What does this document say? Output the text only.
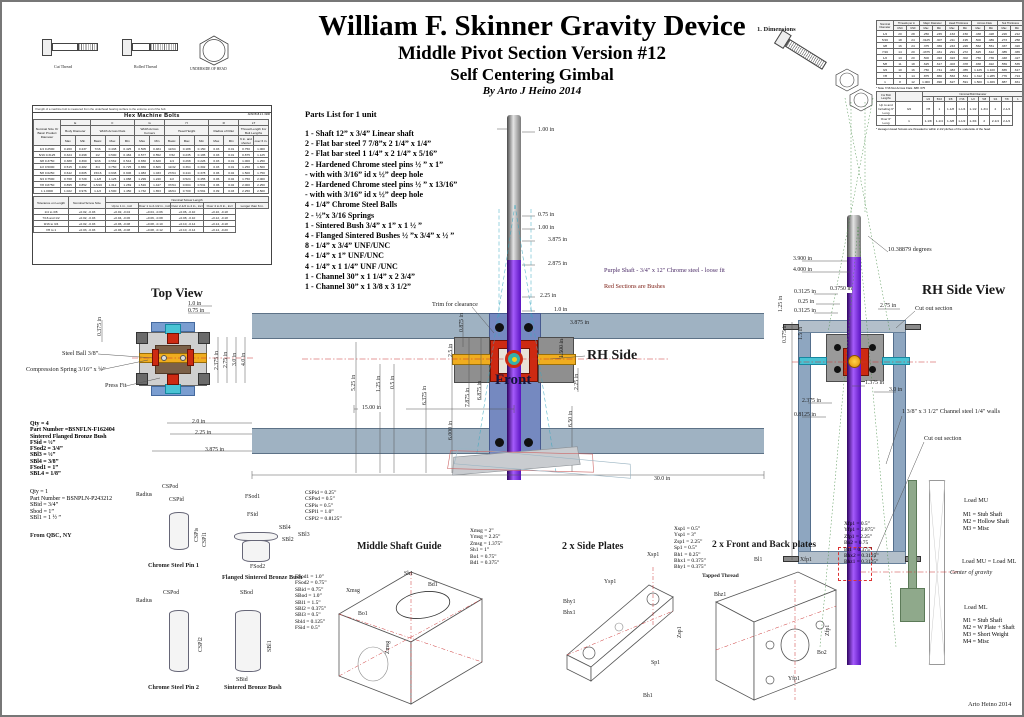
William F. Skinner Gravity Device
Middle Pivot Section Version #12
Self Centering Gimbal
By Arto J Heino 2014
Cut Thread	Rolled Thread	UNDERSIDE OF HEAD
If length of a machine bolt is measured from the underhead bearing surface to the extreme end of the bolt.
Hex Machine Bolts	ANSI B18.2.1 1996
Nominal Size Or Basic Product Diameter	E		F			G		H			R		LT	
	Body Diameter		Width Across Flats			Width Across Corners		Head Height			Radius of Fillet		Thread Length For Bolt Lengths	
	Max	Min	Basic	Max	Min	Max	Min	Basic	Max	Min	Max	Min	6 in. and shorter	over 6 in.
1/4 0.2500	0.260	0.237	7/16	0.438	0.425	0.505	0.484	11/64	0.188	0.150	0.03	0.01	0.750	1.000
5/16 0.3125	0.324	0.298	1/2	0.500	0.484	0.577	0.552	7/32	0.235	0.195	0.03	0.01	0.875	1.125
3/8 0.3750	0.388	0.360	9/16	0.562	0.544	0.650	0.620	1/4	0.268	0.226	0.03	0.01	1.000	1.250
1/2 0.5000	0.515	0.482	3/4	0.750	0.725	0.866	0.826	11/32	0.364	0.302	0.03	0.01	1.250	1.500
5/8 0.6250	0.642	0.605	15/16	0.938	0.906	1.083	1.033	27/64	0.444	0.378	0.06	0.02	1.500	1.750
3/4 0.7500	0.768	0.729	1-1/8	1.125	1.088	1.299	1.240	1/2	0.524	0.455	0.06	0.02	1.750	2.000
7/8 0.8750	0.895	0.852	1-5/16	1.312	1.269	1.516	1.447	37/64	0.604	0.531	0.06	0.02	2.000	2.250
1 1.0000	1.022	0.976	1-1/2	1.500	1.450	1.732	1.653	43/64	0.700	0.591	0.09	0.03	2.250	2.500
Tolerance on Length	Nominal Screw Size	Nominal Screw Length				
		Up to 1 in., incl	Over 1 to 2-1/2 in., incl	Over 2-1/2 to 4 in., incl	Over 4 to 6 in., incl	Longer than 6 in.
1/4 to 3/8	+0.02, -0.03	+0.02, -0.04	+0.04, -0.06	+0.06, -0.10	+0.10, -0.18	
7/16 and 1/2	+0.02, -0.03	+0.04, -0.06	+0.06, -0.08	+0.08, -0.10	+0.12, -0.18	
9/16 to 3/4	+0.02, -0.03	+0.06, -0.08	+0.08, -0.10	+0.10, -0.14	+0.14, -0.18	
7/8 to 1	+0.03, -0.03	+0.06, -0.08	+0.08, -0.12	+0.10, -0.14	+0.14, -0.20	
Parts List for 1 unit
1 - Shaft 12” x 3/4” Linear shaft
2 - Flat bar steel 7 7/8”x 2 1/4” x 1/4”
2 - Flat bar steel 1 1/4” x 2 1/4” x 5/16”
2 - Hardened Chrome steel pins ½ ” x 1”
- with with 3/16” id x ½” deep hole
2 - Hardened Chrome steel pins ½ ” x 13/16”
- with with 3/16” id x ½” deep hole
4 - 1/4” Chrome Steel Balls
2 - ½”x 3/16 Springs
1 - Sintered Bush 3/4” x 1” x 1 ½ ”
4 - Flanged Sintered Bushes ½ ”x 3/4” x ½ ”
8 - 1/4” x 3/4” UNF/UNC
4 - 1/4” x 1” UNF/UNC
4 - 1/4” x 1 1/4” UNF /UNC
1 - Channel 30” x 1 1/4” x 2 3/4”
1 - Channel 30” x 1 3/8 x 3 1/2”
1. Dimensions
Nominal Diameter	Threads per in		Major Diameter		Head Thickness		Across Flats		Nut Thickness	
	UNC	UNF	Max	Min	Max	Min	Max	Min	Max	Min
1/4	20	28	.250	.245	.163	.150	.438	.428	.226	.212
5/16	18	24	.3125	.307	.211	.195	.500	.489	.273	.258
3/8	16	24	.375	.369	.243	.226	.562	.551	.337	.320
7/16	14	20	.4375	.431	.291	.272	.625	.612	.385	.365
1/2	13	20	.500	.493	.323	.302	.750	.736	.448	.427
5/8	11	18	.625	.617	.403	.378	.938	.922	.559	.535
3/4	10	16	.750	.741	.483	.455	1.125	1.100	.665	.617
7/8	9	14	.875	.866	.563	.531	1.312	1.285	.776	.724
1	8	12	1.000	.990	.627	.591	1.500	1.469	.887	.831
* Note 7/16 Nut Across Flats .688 .675
For Bolt Lengths		Nominal Bolt Diameter								
		1/4	5/16	3/8	7/16	1/2	5/8	3/4	7/8	1
Up to and Including 6" Long	3/4	7/8	1	1-1/8	1-1/4	1-1/2	1-3/4	2	2-1/4	
Over 6" Long	1	1-1/8	1-1/4	1-3/8	1-1/2	1-3/4	2	2-1/4	2-1/2	
* Hexagon Head Screws are threaded to within 2-1/2 pitches of the underside of the head
1.00 in
0.75 in
1.00 in
3.875 in
2.875 in
2.25 in
1.0 in
3.875 in
1.500 in
2.25 in
2.5 in
0.875 in
1.25 in 0.5 in
6.375 in
5.25 in
15.00 in
6.000 in
6.50 in
7.875 in
30.0 in
6.875 in
Trim for clearance
RH Side
Front
Purple Shaft - 3/4" x 12" Chrome steel - loose fit
Red Sections are Bushes
Top View
1.0 in
0.75 in
0.375 in
2.375 in 2.75 in 3.0 in 4.0 in
2.0 in
2.25 in
3.875 in
Steel Ball 3/8”
Compression Spring 3/16” x ½”
Press Fit
RH Side View
10.38879 degrees
3.900 in
4.000 in
0.3750 in
0.3125 in
0.25 in
0.3125 in
1.5 in
0.375 in
2.75 in	Cut out section
1.375 in
3.0 in
2.375 in
0.8125 in
1.25 in
1 3/8" x 3 1/2" Channel steel 1/4" walls
Cut out section
Qty = 4
Part Number =BSNFLN-F162404
Sintered Flanged Bronze Bush
FSid = ½”
FSod2 = 3/4”
SBl3 = ½”
SBl4 = 3/8”
FSod1 = 1”
SBL4 = 1/8”
Qty = 1
Part Number = BSNPLN-P243212
SBid = 3/4”
Sbod = 1”
SBl1 = 1 ½ ”
From QBC, NY
CSPod
Radius
CSPid
CSPis CSPl1
Chrome Steel Pin 1
FSod1
FSid
SBl4
SBl2
SBl3
FSod2
Flanged Sintered Bronze Bush
Radius
CSPod
CSPl2
Chrome Steel Pin 2
SBod
SBid
SBl1
Sintered Bronze Bush
CSPid = 0.25”
CSPod = 0.5”
CSPis = 0.5”
CSPl1 = 1.0”
CSPl2 = 0.8125”
FSod1 = 1.0”
FSod2 = 0.75”
SBid = 0.75”
SBod = 1.0”
SBl1 = 1.5”
SBl2 = 0.375”
SBl3 = 0.5”
Sbl4 = 0.125”
FSid = 0.5”
Middle Shaft Guide
Xmsg = 2”
Ymsg = 2.25”
Zmsg = 1.375”
Sh1 = 1”
Bo1 = 0.75”
Bd1 = 0.375”
Sh1
Bd1
Xmsg
Zmsg
Bo1
2 x Side Plates
Xsp1 = 0.5”
Ysp1 = 3”
Zsp1 = 2.25”
Sp1 = 0.5”
Bh1 = 0.25”
Bhx1 = 0.375”
Bhy1 = 0.375”
Ysp1
Xsp1
Bhy1
Bhx1
Sp1
Bh1
Zsp1
2 x Front and Back plates
Tapped Thread
Xfp1 = 0.5”
Yfp1 = 2.875”
Zfp1 = 2.25”
Bo2 = 0.75
Bl1 = 0.375”
Bhx2 = 0.3125”
Bhz1 = 0.3125”
Bl1	Xfp1
Bhz1
Zfp1
Bo2
Yfp1
Load MU
M1 = Stub Shaft
M2 = Hollow Shaft
M3 = Misc
Load MU = Load ML
Center of gravity
Load ML
M1 = Stub Shaft
M2 = W Plate + Shaft
M3 = Short Weight
M4 = Misc
Arto Heino 2014
